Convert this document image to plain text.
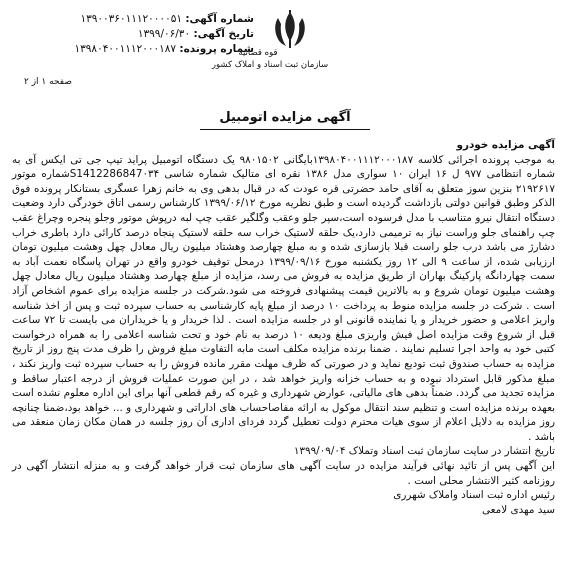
شماره آگهی: ۱۳۹۰۰۳۶۰۱۱۱۲۰۰۰۰۵۱
تاریخ آگهی: ۱۳۹۹/۰۶/۳۰
شماره پرونده: ۱۳۹۸۰۴۰۰۱۱۱۲۰۰۰۱۸۷	قوه قضائیه
سازمان ثبت اسناد و املاک کشور
صفحه ۱ از ۲
آگهی مزایده اتومبیل

آگهی مزایده خودرو

به موجب پرونده اجرائی کلاسه ۱۳۹۸۰۴۰۰۱۱۱۲۰۰۰۱۸۷بایگانی ۹۸۰۱۵۰۲ یک دستگاه اتومبیل پراید تیپ جی تی ایکس آی به شماره انتظامی ۹۷۷ ل ۱۶ ایران ۱۰ سواری مدل ۱۳۸۶ نقره ای متالیک شماره شاسی S1412286847۰۳۴شماره موتور ۲۱۹۲۶۱۷ بنزین سوز متعلق به آقای حامد حضرتی قره عودت که در قبال بدهی وی به خانم زهرا عسگری بستانکار پرونده فوق الذکر وطبق قوانین دولتی بازداشت گردیده است و طبق نظریه مورخ ۱۳۹۹/۰۶/۱۲ کارشناس رسمی اتاق خودرگی دارد وضعیت دستگاه انتقال نیرو متناسب با مدل فرسوده است،سپر جلو وعقب وگلگیر عقب چپ لبه درپوش موتور وجلو پنجره وچراغ عقب چپ راهنمای جلو وراست نیاز به ترمیمی دارد،یک حلقه لاستیک خراب سه حلقه لاستیک پنجاه درصد کارائی دارد باطری خراب دشارژ می باشد درب جلو راست قبلا بازسازی شده و به مبلغ چهارصد وهشتاد میلیون ریال معادل چهل وهشت میلیون تومان ارزیابی شده، از ساعت ۹ الی ۱۲ روز یکشنبه مورخ ۱۳۹۹/۰۹/۱۶ درمحل توقیف خودرو واقع در تهران پاسگاه نعمت آباد به سمت چهاردانگه پارکینگ بهاران از طریق مزایده به فروش می رسد، مزایده از مبلغ چهارصد وهشتاد میلیون ریال معادل چهل وهشت میلیون تومان شروع و به بالاترین قیمت پیشنهادی فروخته می شود.شرکت در جلسه مزایده برای عموم اشخاص آزاد است . شرکت در جلسه مزایده منوط به پرداخت ۱۰ درصد از مبلغ پایه کارشناسی به حساب سپرده ثبت و پس از اخذ شناسه واریز اعلامی و حضور خریدار و یا نماینده قانونی او در جلسه مزایده است . لذا خریدار و یا خریداران می بایست تا ۷۲ ساعت قبل از شروع وقت مزایده اصل فیش واریزی مبلغ ودیعه ۱۰ درصد به نام خود و تحت شناسه اعلامی را به همراه درخواست کتبی خود به واحد اجرا تسلیم نمایند . ضمنا برنده مزایده مکلف است مابه التفاوت مبلغ فروش را ظرف مدت پنج روز از تاریخ مزایده به حساب صندوق ثبت تودیع نماید و در صورتی که ظرف مهلت مقرر مانده فروش را به حساب سپرده ثبت واریز نکند ، مبلغ مذکور قابل استرداد نبوده و به حساب خزانه واریز خواهد شد ، در این صورت عملیات فروش از درجه اعتبار ساقط و مزایده تجدید می گردد. ضمناً بدهی های مالیاتی، عوارض شهرداری و غیره که رقم قطعی آنها برای این اداره معلوم نشده است بعهده برنده مزایده است و تنظیم سند انتقال موکول به ارائه مفاصاحساب های اداراتی و شهرداری و ... خواهد بود،ضمنا چنانچه روز مزایده به دلایل اعلام از سوی هیات محترم دولت تعطیل گردد فردای اداری آن روز جلسه در همان مکان زمان منعقد می باشد .

تاریخ انتشار در سایت سازمان ثبت اسناد وتملاک ۱۳۹۹/۰۹/۰۴

این آگهی پس از تائید نهائی فرآیند مزایده در سایت آگهی های سازمان ثبت قرار خواهد گرفت و به منزله انتشار آگهی در روزنامه کثیر الانتشار محلی است .

رئیس اداره ثبت اسناد واملاک شهرری

سید مهدی لامعی
